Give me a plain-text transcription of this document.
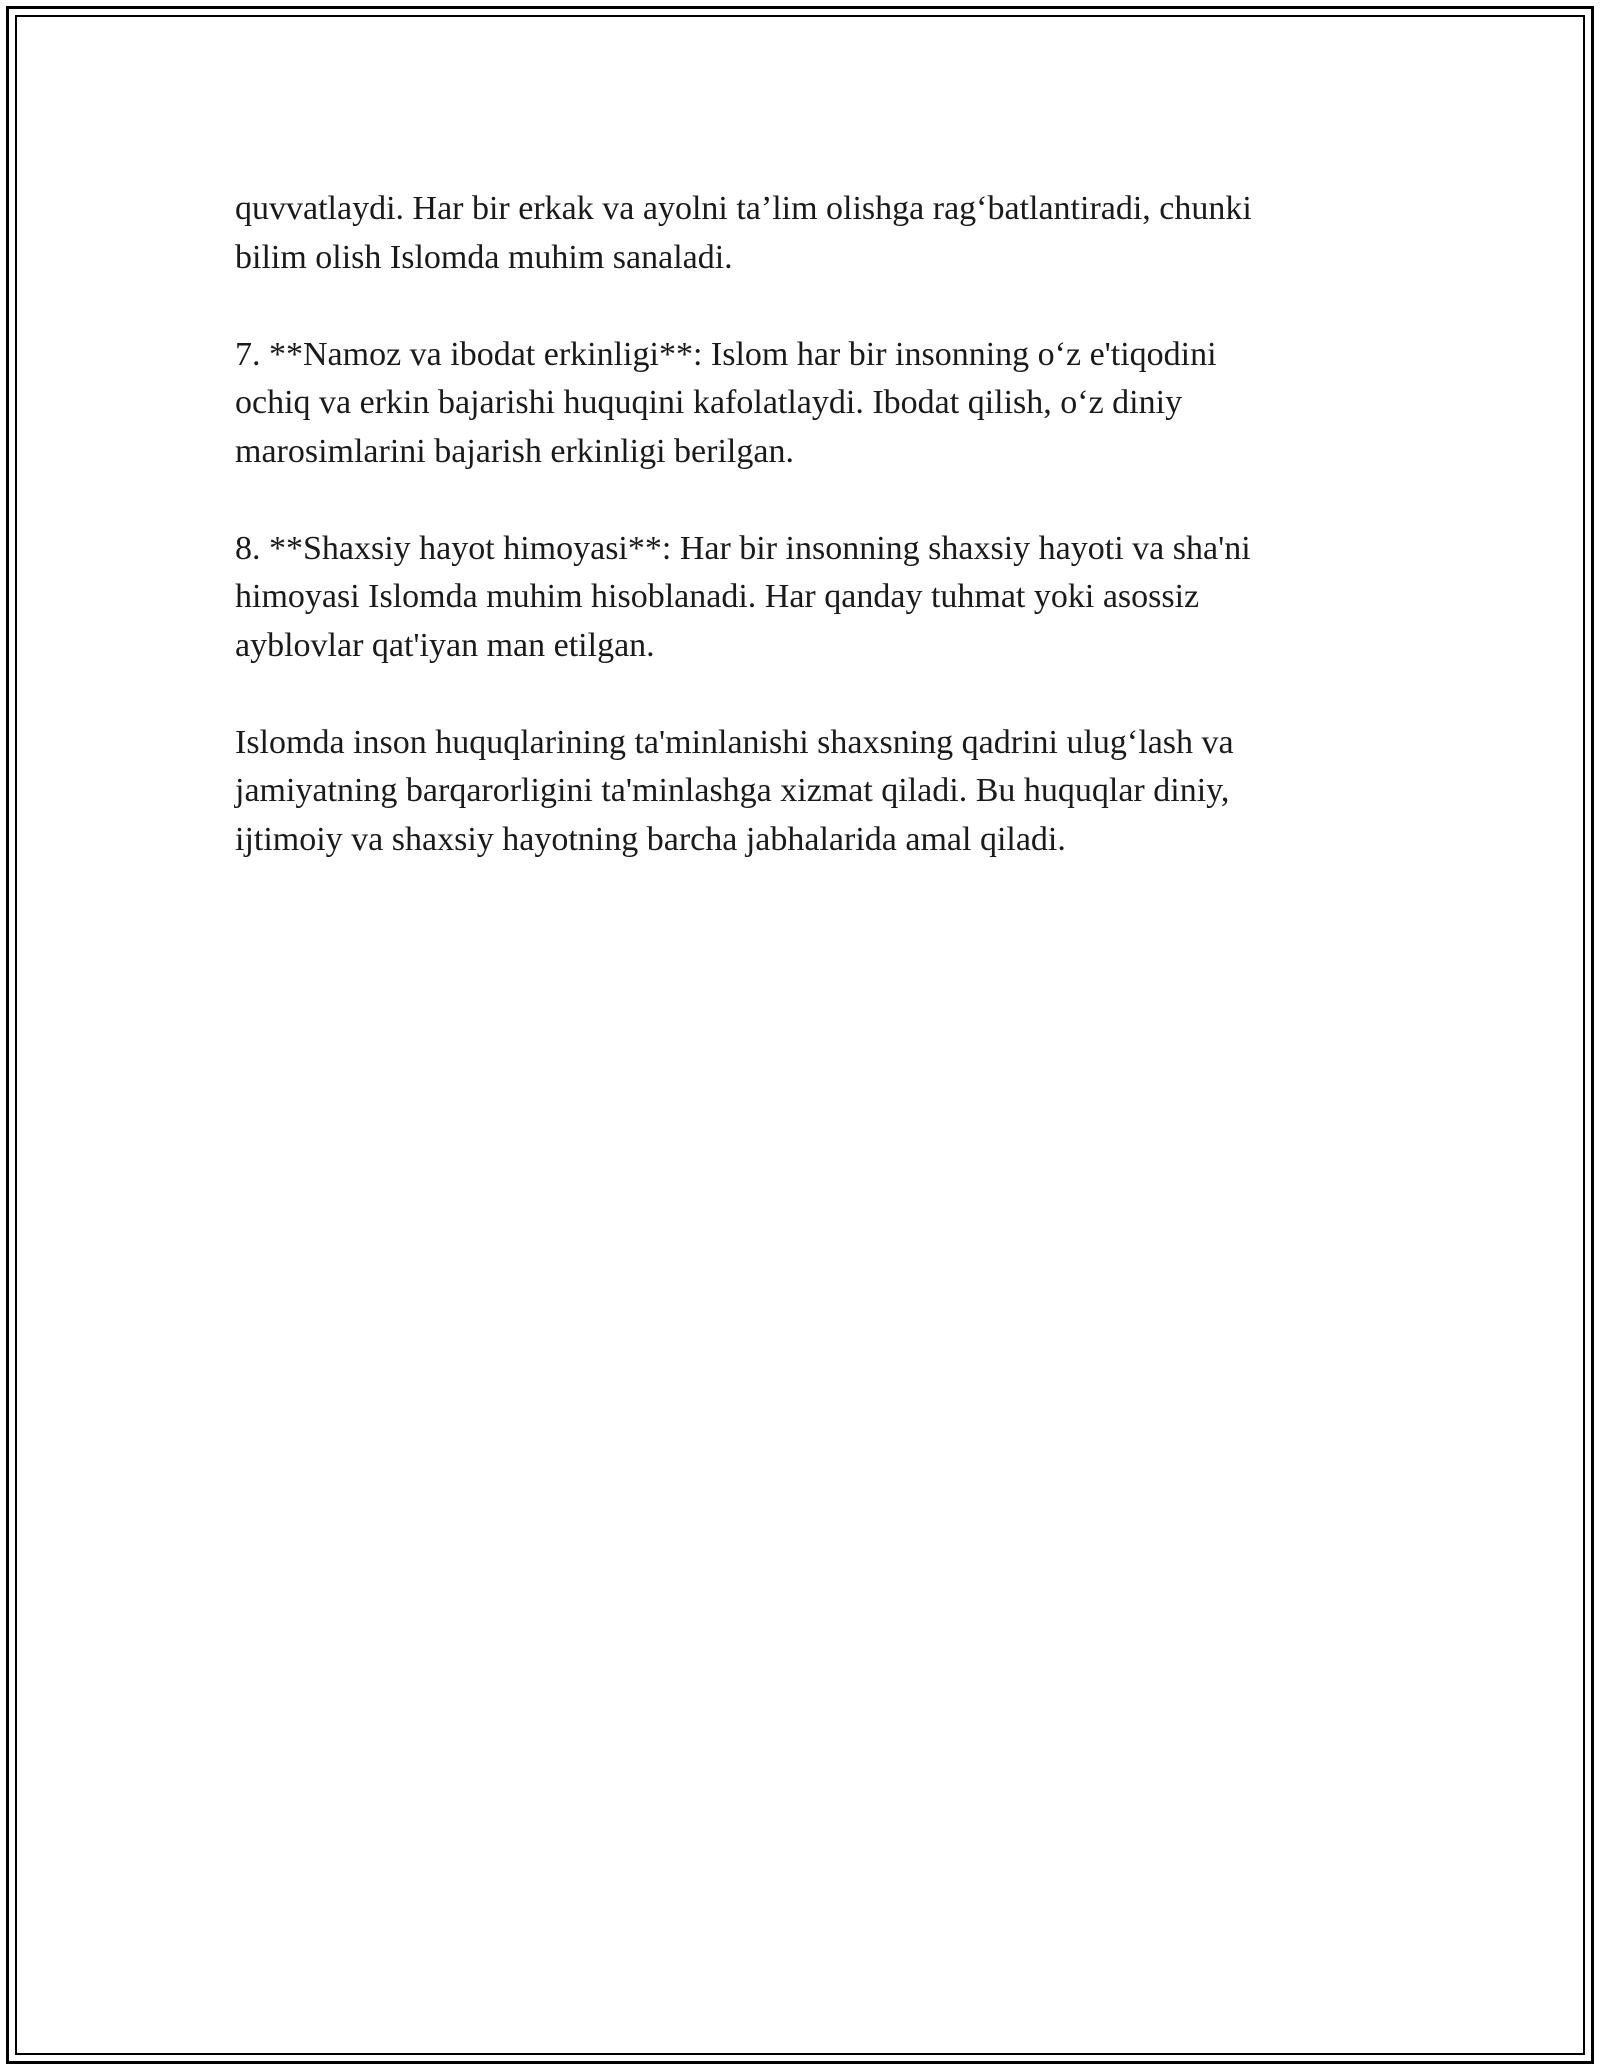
quvvatlaydi. Har bir erkak va ayolni ta’lim olishga rag‘batlantiradi, chunki
bilim olish Islomda muhim sanaladi.

7. **Namoz va ibodat erkinligi**: Islom har bir insonning o‘z e'tiqodini
ochiq va erkin bajarishi huquqini kafolatlaydi. Ibodat qilish, o‘z diniy
marosimlarini bajarish erkinligi berilgan.

8. **Shaxsiy hayot himoyasi**: Har bir insonning shaxsiy hayoti va sha'ni
himoyasi Islomda muhim hisoblanadi. Har qanday tuhmat yoki asossiz
ayblovlar qat'iyan man etilgan.

Islomda inson huquqlarining ta'minlanishi shaxsning qadrini ulug‘lash va
jamiyatning barqarorligini ta'minlashga xizmat qiladi. Bu huquqlar diniy,
ijtimoiy va shaxsiy hayotning barcha jabhalarida amal qiladi.
